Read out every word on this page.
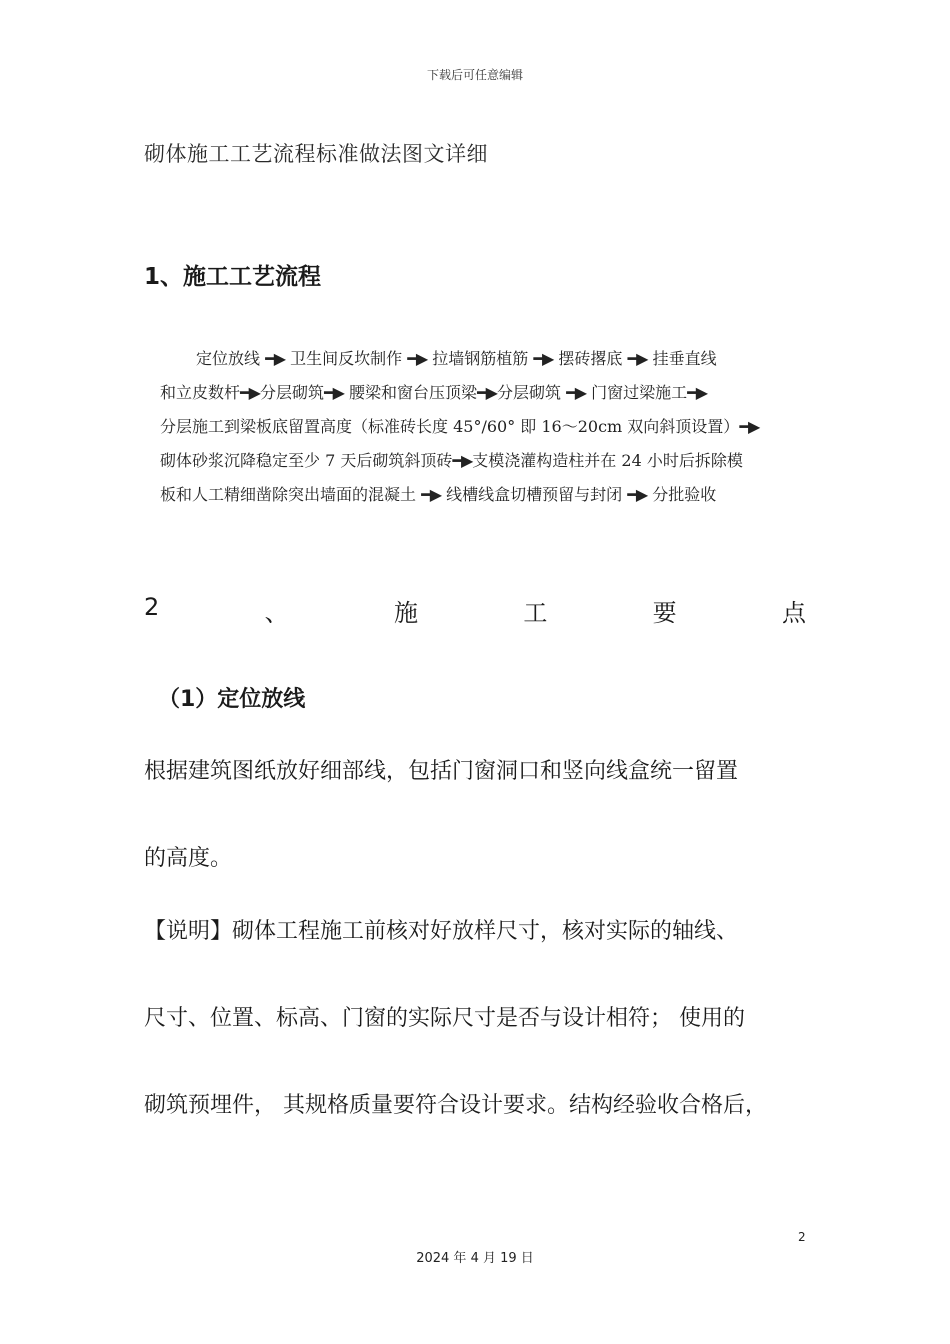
下载后可任意编辑
砌体施工工艺流程标准做法图文详细
1、施工工艺流程
定位放线 ━▶ 卫生间反坎制作 ━▶ 拉墙钢筋植筋 ━▶ 摆砖撂底 ━▶ 挂垂直线
和立皮数杆━▶分层砌筑━▶ 腰梁和窗台压顶梁━▶分层砌筑 ━▶ 门窗过梁施工━▶
分层施工到梁板底留置高度（标准砖长度 45°/60° 即 16～20cm 双向斜顶设置）━▶
砌体砂浆沉降稳定至少 7 天后砌筑斜顶砖━▶支模浇灌构造柱并在 24 小时后拆除模
板和人工精细凿除突出墙面的混凝土 ━▶ 线槽线盒切槽预留与封闭 ━▶ 分批验收
2	、	施	工	要	点
（1）定位放线
根据建筑图纸放好细部线，包括门窗洞口和竖向线盒统一留置
的高度。
【说明】砌体工程施工前核对好放样尺寸，核对实际的轴线、
尺寸、位置、标高、门窗的实际尺寸是否与设计相符； 使用的
砌筑预埋件， 其规格质量要符合设计要求。结构经验收合格后，
2
2024 年 4 月 19 日
